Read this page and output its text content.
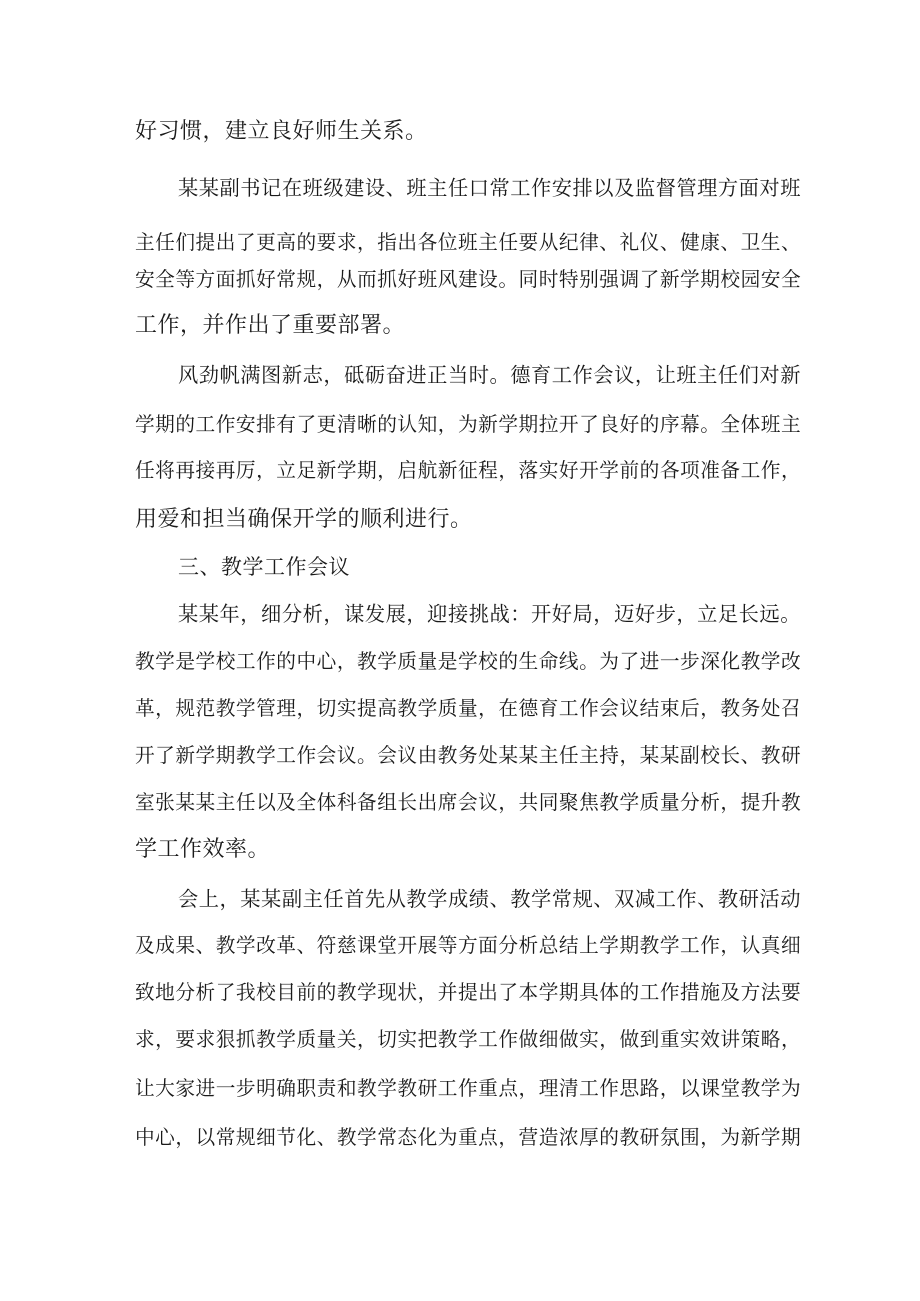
好习惯，建立良好师生关系。
某某副书记在班级建设、班主任口常工作安排以及监督管理方面对班
主任们提出了更高的要求，指出各位班主任要从纪律、礼仪、健康、卫生、
安全等方面抓好常规，从而抓好班风建设。同时特别强调了新学期校园安全
工作，并作出了重要部署。
风劲帆满图新志，砥砺奋进正当时。德育工作会议，让班主任们对新
学期的工作安排有了更清晰的认知，为新学期拉开了良好的序幕。全体班主
任将再接再厉，立足新学期，启航新征程，落实好开学前的各项准备工作，
用爱和担当确保开学的顺利进行。
三、教学工作会议
某某年，细分析，谋发展，迎接挑战：开好局，迈好步，立足长远。
教学是学校工作的中心，教学质量是学校的生命线。为了进一步深化教学改
革，规范教学管理，切实提高教学质量，在德育工作会议结束后，教务处召
开了新学期教学工作会议。会议由教务处某某主任主持，某某副校长、教研
室张某某主任以及全体科备组长出席会议，共同聚焦教学质量分析，提升教
学工作效率。
会上，某某副主任首先从教学成绩、教学常规、双减工作、教研活动
及成果、教学改革、符慈课堂开展等方面分析总结上学期教学工作，认真细
致地分析了我校目前的教学现状，并提出了本学期具体的工作措施及方法要
求，要求狠抓教学质量关，切实把教学工作做细做实，做到重实效讲策略，
让大家进一步明确职责和教学教研工作重点，理清工作思路，以课堂教学为
中心，以常规细节化、教学常态化为重点，营造浓厚的教研氛围，为新学期
